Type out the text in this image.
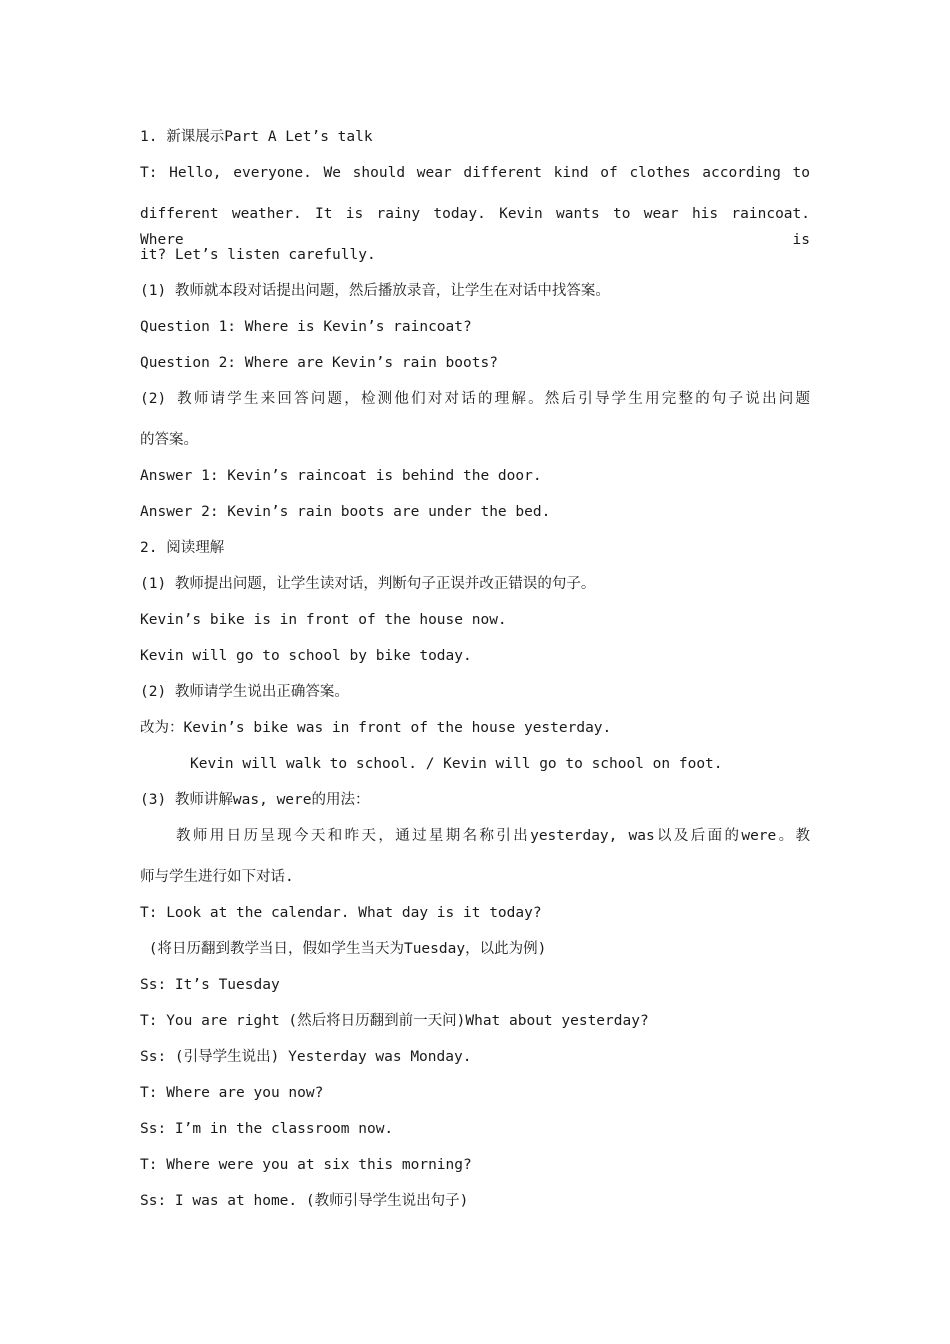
1. 新课展示Part A Let’s talk
T: Hello, everyone. We should wear different kind of clothes according to
different weather. It is rainy today. Kevin wants to wear his raincoat. Where is
it? Let’s listen carefully.
(1) 教师就本段对话提出问题，然后播放录音，让学生在对话中找答案。
Question 1: Where is Kevin’s raincoat?
Question 2: Where are Kevin’s rain boots?
(2) 教师请学生来回答问题，检测他们对对话的理解。然后引导学生用完整的句子说出问题
的答案。
Answer 1: Kevin’s raincoat is behind the door.
Answer 2: Kevin’s rain boots are under the bed.
2. 阅读理解
(1) 教师提出问题，让学生读对话，判断句子正误并改正错误的句子。
Kevin’s bike is in front of the house now.
Kevin will go to school by bike today.
(2) 教师请学生说出正确答案。
改为：Kevin’s bike was in front of the house yesterday.
Kevin will walk to school. / Kevin will go to school on foot.
(3) 教师讲解was, were的用法：
教师用日历呈现今天和昨天，通过星期名称引出yesterday, was以及后面的were。教
师与学生进行如下对话.
T: Look at the calendar. What day is it today?
(将日历翻到教学当日，假如学生当天为Tuesday，以此为例)
Ss: It’s Tuesday
T: You are right (然后将日历翻到前一天问)What about yesterday?
Ss: (引导学生说出) Yesterday was Monday.
T: Where are you now?
Ss: I’m in the classroom now.
T: Where were you at six this morning?
Ss: I was at home. (教师引导学生说出句子)
